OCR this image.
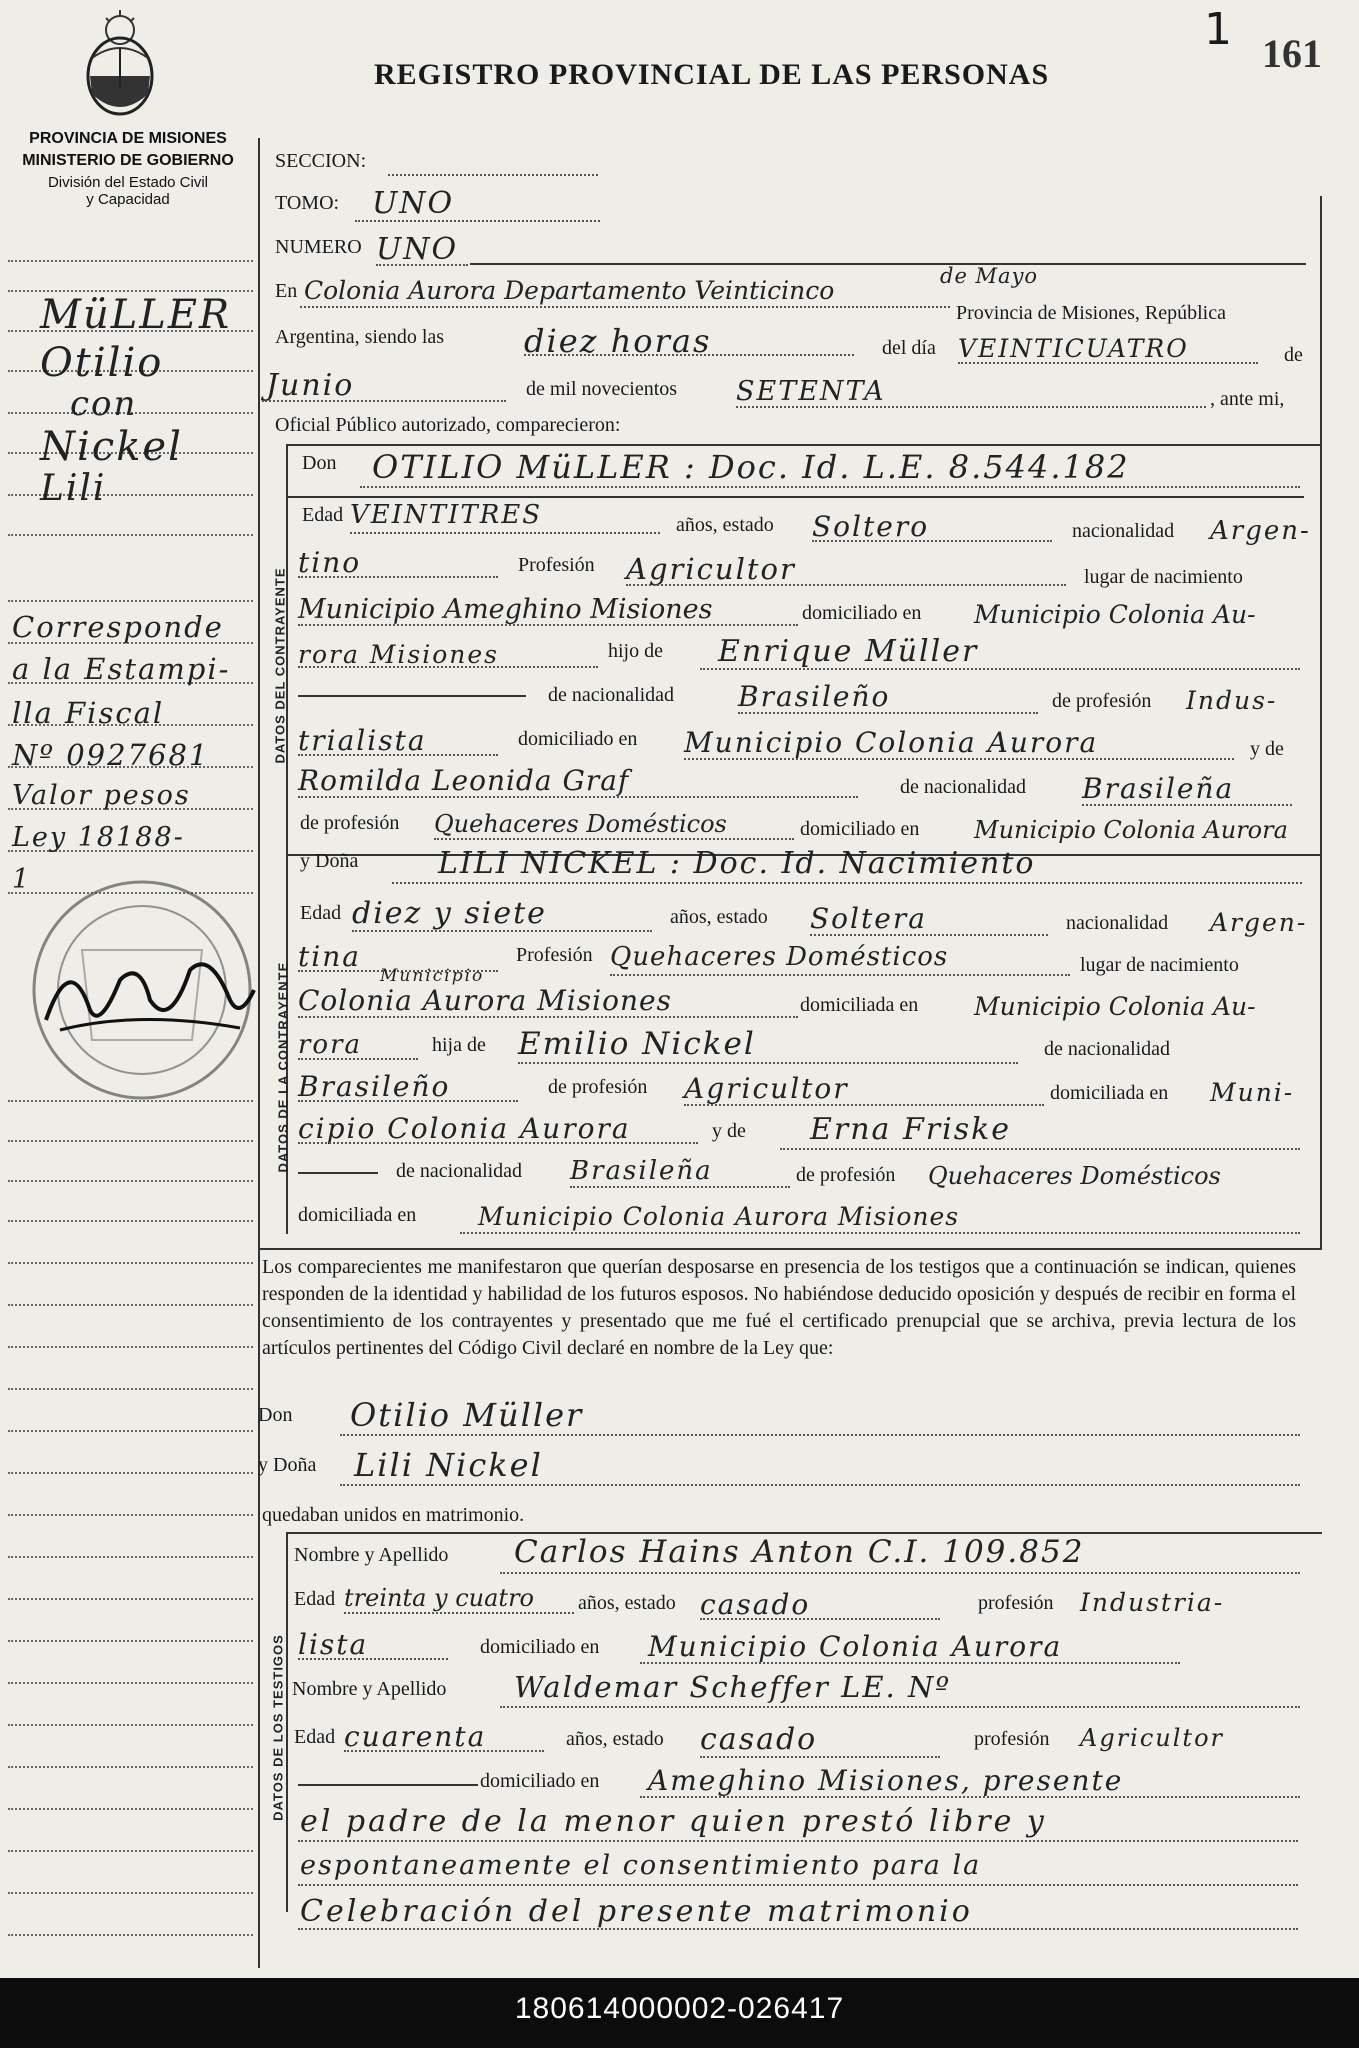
REGISTRO PROVINCIAL DE LAS PERSONAS
1 161
PROVINCIA DE MISIONES
MINISTERIO DE GOBIERNO
División del Estado Civil
y Capacidad
MüLLER
Otilio
con
Nickel
Lili
Corresponde
a la Estampi-
lla Fiscal
Nº 0927681
Valor pesos
Ley 18188-
1
SECCION:
TOMO: UNO
NUMERO UNO
En Colonia Aurora Departamento Veinticinco	de Mayo
Provincia de Misiones, República
Argentina, siendo las diez horas	del día VEINTICUATRO	de
Junio	de mil novecientos SETENTA	, ante mi,
Oficial Público autorizado, comparecieron:
DATOS DEL CONTRAYENTE
Don OTILIO MüLLER : Doc. Id. L.E. 8.544.182
Edad VEINTITRES	años, estado Soltero	nacionalidad Argen-
tino	Profesión Agricultor	lugar de nacimiento
Municipio Ameghino Misiones	domiciliado en Municipio Colonia Au-
rora Misiones	hijo de Enrique Müller
de nacionalidad Brasileño	de profesión Indus-
trialista	domiciliado en Municipio Colonia Aurora	y de
Romilda Leonida Graf	de nacionalidad Brasileña
de profesión Quehaceres Domésticos	domiciliado en Municipio Colonia Aurora
DATOS DE LA CONTRAYENTE
y Doña	LILI NICKEL : Doc. Id. Nacimiento
Edad diez y siete	años, estado Soltera	nacionalidad Argen-
tina	Profesión Quehaceres Domésticos	lugar de nacimiento
Municipio
Colonia Aurora Misiones	domiciliada en Municipio Colonia Au-
rora	hija de Emilio Nickel	de nacionalidad
Brasileño	de profesión Agricultor	domiciliada en Muni-
cipio Colonia Aurora	y de Erna Friske
de nacionalidad Brasileña	de profesión Quehaceres Domésticos
domiciliada en Municipio Colonia Aurora Misiones
Los comparecientes me manifestaron que querían desposarse en presencia de los testigos que a continuación se indican, quienes responden de la identidad y habilidad de los futuros esposos. No habiéndose deducido oposición y después de recibir en forma el consentimiento de los contrayentes y presentado que me fué el certificado prenupcial que se archiva, previa lectura de los artículos pertinentes del Código Civil declaré en nombre de la Ley que:
Don Otilio Müller
y Doña Lili Nickel
quedaban unidos en matrimonio.
DATOS DE LOS TESTIGOS
Nombre y Apellido Carlos Hains Anton C.I. 109.852
Edad treinta y cuatro años, estado casado	profesión Industria-
lista	domiciliado en Municipio Colonia Aurora
Nombre y Apellido Waldemar Scheffer LE. Nº
Edad cuarenta	años, estado casado	profesión Agricultor
domiciliado en Ameghino Misiones, presente
el padre de la menor quien prestó libre y
espontaneamente el consentimiento para la
Celebración del presente matrimonio
180614000002-026417
